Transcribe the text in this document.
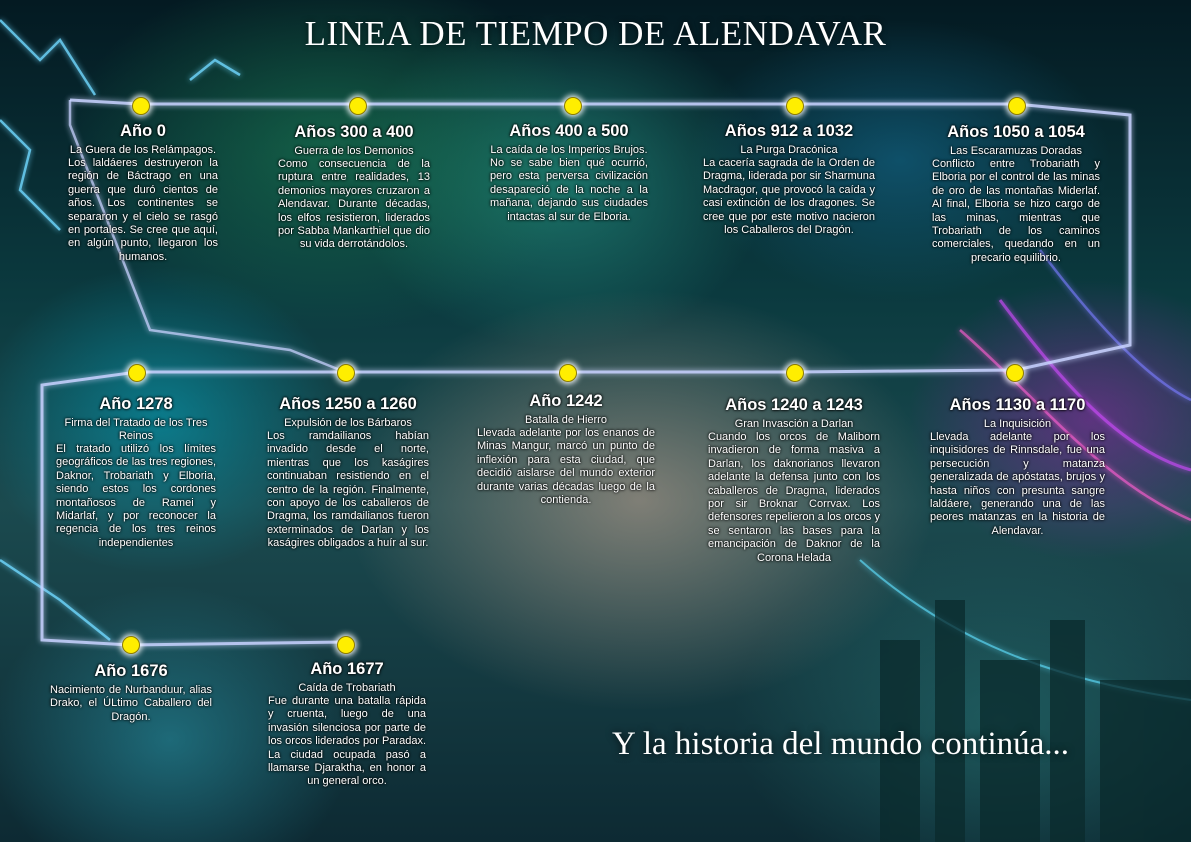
LINEA DE TIEMPO DE ALENDAVAR
Año 0
La Guera de los Relámpagos.
Los laldáeres destruyeron la región de Báctrago en una guerra que duró cientos de años. Los continentes se separaron y el cielo se rasgó en portales. Se cree que aquí, en algún punto, llegaron los humanos.
Años 300 a 400
Guerra de los Demonios
Como consecuencia de la ruptura entre realidades, 13 demonios mayores cruzaron a Alendavar. Durante décadas, los elfos resistieron, liderados por Sabba Mankarthiel que dio su vida derrotándolos.
Años 400 a 500
La caída de los Imperios Brujos.
No se sabe bien qué ocurrió, pero esta perversa civilización desapareció de la noche a la mañana, dejando sus ciudades intactas al sur de Elboria.
Años 912 a 1032
La Purga Dracónica
La cacería sagrada de la Orden de Dragma, liderada por sir Sharmuna Macdragor, que provocó la caída y casi extinción de los dragones. Se cree que por este motivo nacieron los Caballeros del Dragón.
Años 1050 a 1054
Las Escaramuzas Doradas
Conflicto entre Trobariath y Elboria por el control de las minas de oro de las montañas Miderlaf. Al final, Elboria se hizo cargo de las minas, mientras que Trobariath de los caminos comerciales, quedando en un precario equilibrio.
Año 1278
Firma del Tratado de los Tres Reinos
El tratado utilizó los límites geográficos de las tres regiones, Daknor, Trobariath y Elboria, siendo estos los cordones montañosos de Ramei y Midarlaf, y por reconocer la regencia de los tres reinos independientes
Años 1250 a 1260
Expulsión de los Bárbaros
Los ramdailianos habían invadido desde el norte, mientras que los kaságires continuaban resistiendo en el centro de la región. Finalmente, con apoyo de los caballeros de Dragma, los ramdailianos fueron exterminados de Darlan y los kaságires obligados a huír al sur.
Año 1242
Batalla de Hierro
Llevada adelante por los enanos de Minas Mangur, marcó un punto de inflexión para esta ciudad, que decidió aislarse del mundo exterior durante varias décadas luego de la contienda.
Años 1240 a 1243
Gran Invasción a Darlan
Cuando los orcos de Maliborn invadieron de forma masiva a Darlan, los daknorianos llevaron adelante la defensa junto con los caballeros de Dragma, liderados por sir Broknar Corrvax. Los defensores repelieron a los orcos y se sentaron las bases para la emancipación de Daknor de la Corona Helada
Años 1130 a 1170
La Inquisición
Llevada adelante por los inquisidores de Rinnsdale, fue una persecución y matanza generalizada de apóstatas, brujos y hasta niños con presunta sangre laldáere, generando una de las peores matanzas en la historia de Alendavar.
Año 1676
Nacimiento de Nurbanduur, alias Drako, el ÚLtimo Caballero del Dragón.
Año 1677
Caída de Trobariath
Fue durante una batalla rápida y cruenta, luego de una invasión silenciosa por parte de los orcos liderados por Paradax. La ciudad ocupada pasó a llamarse Djaraktha, en honor a un general orco.
Y la historia del mundo continúa...
